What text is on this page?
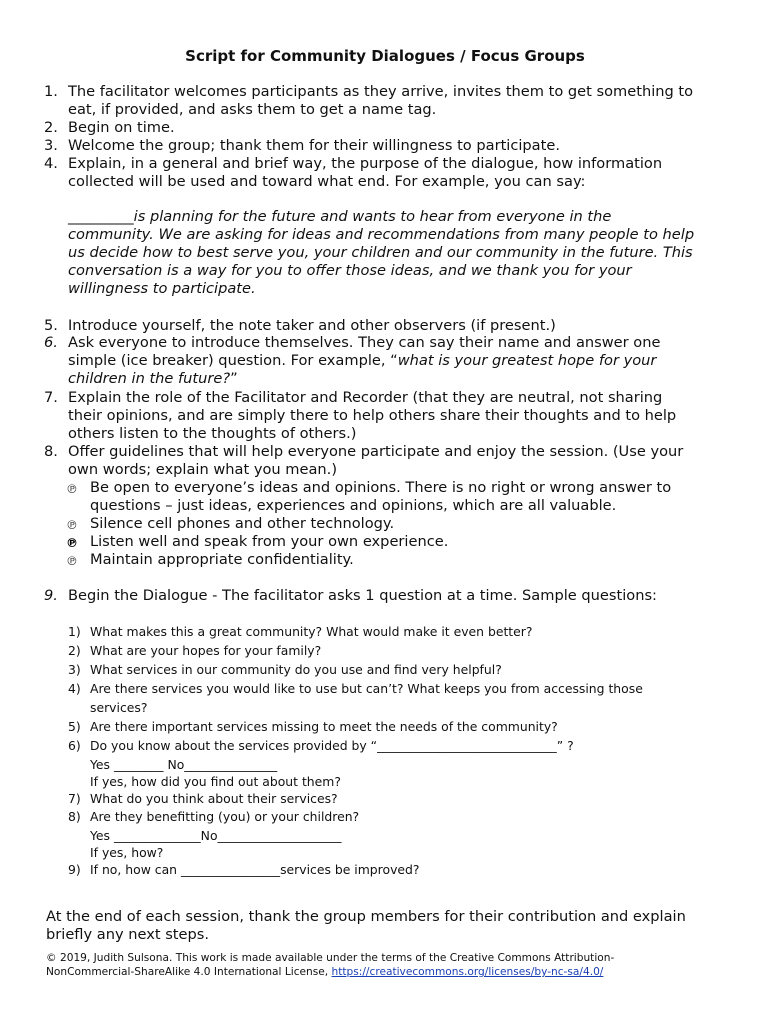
Script for Community Dialogues / Focus Groups
1. The facilitator welcomes participants as they arrive, invites them to get something to
eat, if provided, and asks them to get a name tag.
2. Begin on time.
3. Welcome the group; thank them for their willingness to participate.
4. Explain, in a general and brief way, the purpose of the dialogue, how information
collected will be used and toward what end. For example, you can say:
_________is planning for the future and wants to hear from everyone in the
community. We are asking for ideas and recommendations from many people to help
us decide how to best serve you, your children and our community in the future. This
conversation is a way for you to offer those ideas, and we thank you for your
willingness to participate.
5. Introduce yourself, the note taker and other observers (if present.)
6. Ask everyone to introduce themselves. They can say their name and answer one
simple (ice breaker) question. For example, “what is your greatest hope for your
children in the future?”
7. Explain the role of the Facilitator and Recorder (that they are neutral, not sharing
their opinions, and are simply there to help others share their thoughts and to help
others listen to the thoughts of others.)
8. Offer guidelines that will help everyone participate and enjoy the session. (Use your
own words; explain what you mean.)
℗ Be open to everyone’s ideas and opinions. There is no right or wrong answer to
questions – just ideas, experiences and opinions, which are all valuable.
℗ Silence cell phones and other technology.
℗ Listen well and speak from your own experience.
℗ Maintain appropriate confidentiality.
9. Begin the Dialogue - The facilitator asks 1 question at a time. Sample questions:
1) What makes this a great community? What would make it even better?
2) What are your hopes for your family?
3) What services in our community do you use and find very helpful?
4) Are there services you would like to use but can’t? What keeps you from accessing those
services?
5) Are there important services missing to meet the needs of the community?
6) Do you know about the services provided by “_____________________________” ?
Yes ________ No_______________
If yes, how did you find out about them?
7) What do you think about their services?
8) Are they benefitting (you) or your children?
Yes ______________No____________________
If yes, how?
9) If no, how can ________________services be improved?
At the end of each session, thank the group members for their contribution and explain
briefly any next steps.
© 2019, Judith Sulsona. This work is made available under the terms of the Creative Commons Attribution-
NonCommercial-ShareAlike 4.0 International License, https://creativecommons.org/licenses/by-nc-sa/4.0/
